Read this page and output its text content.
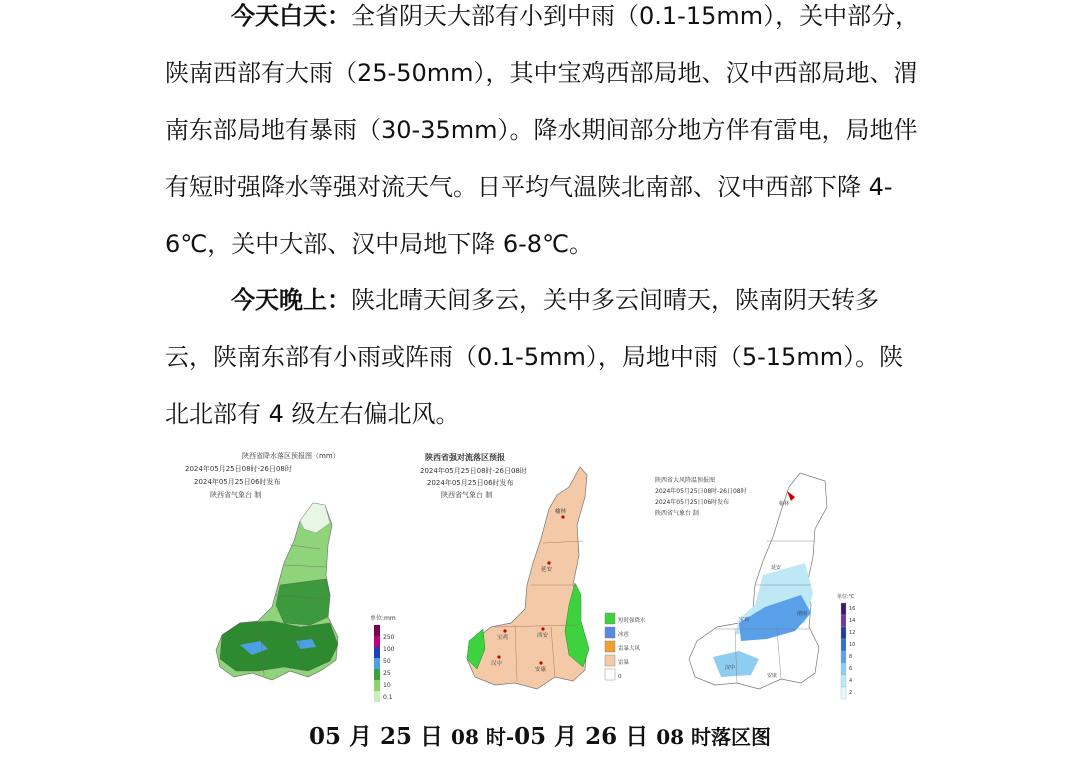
今天白天：全省阴天大部有小到中雨（0.1-15mm），关中部分，陕南西部有大雨（25-50mm），其中宝鸡西部局地、汉中西部局地、渭南东部局地有暴雨（30-35mm）。降水期间部分地方伴有雷电，局地伴有短时强降水等强对流天气。日平均气温陕北南部、汉中西部下降 4-6℃，关中大部、汉中局地下降 6-8℃。
今天晚上：陕北晴天间多云，关中多云间晴天，陕南阴天转多云，陕南东部有小雨或阵雨（0.1-5mm），局地中雨（5-15mm）。陕北北部有 4 级左右偏北风。
陕西省降水落区预报图（mm）
2024年05月25日08时-26日08时
2024年05月25日06时发布
陕西省气象台 制
单位:mm
250
100
50
25
10
0.1
陕西省强对流落区预报
2024年05月25日08时-26日08时
2024年05月25日06时发布
陕西省气象台 制
榆林
延安
宝鸡	西安
汉中
安康
短时强降水
冰雹
雷暴大风
雷暴
0
陕西省大风降温预报图
2024年05月25日08时-26日08时
2024年05月25日06时发布
陕西省气象台 制
榆林
延安
宝鸡
渭南
汉中
安康
单位:℃
16
14
12
10
8
6
4
2
05 月 25 日 08 时-05 月 26 日 08 时落区图
